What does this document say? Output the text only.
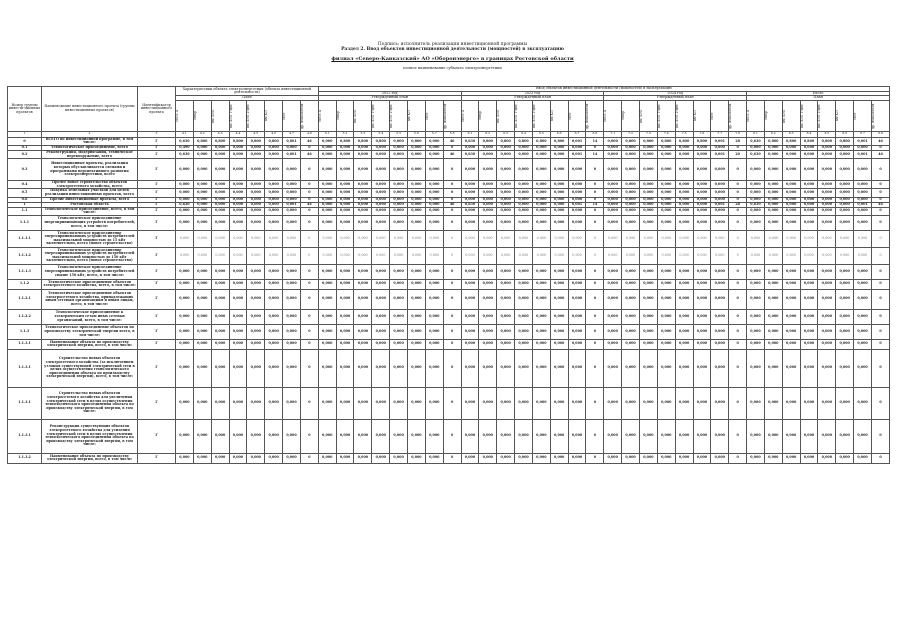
Подпись: исполнитель реализации инвестиционной программы
Раздел 2. Ввод объектов инвестиционной деятельности (мощностей) в эксплуатацию
филиал «Северо-Кавказский» АО «Оборонэнерго» в границах Ростовской области
полное наименование субъекта электроэнергетики
Номер группы инвести-ционных проектов	Наименование инвестиционного проекта (группы инвестиционных проектов)	Идентификатор инвестиционного проекта	Характеристики объекта электроэнергетики (объекта инвестиционной деятельности)								Ввод объектов инвестиционной деятельности (мощностей) в эксплуатацию																															
											2022 год								2023 год								2024 год								Итого							
			План								Утвержденный план								Утвержденный план								Утвержденный план								План							

			МВ×А	Мвар	км ЛЭП	км ЛЭП 1-цеп	км ЛЭП 2-цеп	км КЛ	МВт	др. показатели	МВ×А	Мвар	км ЛЭП	км ЛЭП 1-цеп	км ЛЭП 2-цеп	км КЛ	МВт	др. показатели	МВ×А	Мвар	км ЛЭП	км ЛЭП 1-цеп	км ЛЭП 2-цеп	км КЛ	МВт	др. показатели	МВ×А	Мвар	км ЛЭП	км ЛЭП 1-цеп	км ЛЭП 2-цеп	км КЛ	МВт	др. показатели	МВ×А	Мвар	км ЛЭП	км ЛЭП 1-цеп	км ЛЭП 2-цеп	км КЛ	МВт	др. показатели

1	2	3	4.1	4.2	4.3	4.4	4.5	4.6	4.7	4.8	5.1	5.2	5.3	5.4	5.5	5.6	5.7	5.8	6.1	6.2	6.3	6.4	6.5	6.6	6.7	6.8	7.1	7.2	7.3	7.4	7.5	7.6	7.7	7.8	8.1	8.2	8.3	8.4	8.5	8.6	8.7	8.8
0	ВСЕГО по инвестиционной программе, в том числе:	Г	0,630	0,800	0,800	0,800	0,800	0,800	0,001	46	0,000	0,800	0,800	0,800	0,000	0,800	0,000	46	0,630	0,800	0,800	0,800	0,800	0,800	0,001	14	0,000	0,800	0,800	0,800	0,800	0,800	0,001	28	0,630	0,800	0,800	0,800	0,800	0,800	0,001	46
0.1	Технологическое присоединение, всего	Г	0,490	0,000	0,000	0,000	0,000	0,000	0,000	0	0,000	0,000	0,000	0,000	0,000	0,000	0,000	0	0,000	0,000	0,000	0,000	0,000	0,000	0,000	0	0,000	0,000	0,000	0,000	0,000	0,000	0,000	0	0,000	0,000	0,000	0,000	0,000	0,000	0,000	0
0.2	Реконструкция, модернизация, техническое перевооружение, всего	Г	0,630	0,000	0,000	0,000	0,000	0,000	0,001	46	0,000	0,000	0,000	0,000	0,000	0,000	0,000	46	0,630	0,000	0,000	0,000	0,000	0,000	0,001	14	0,000	0,000	0,000	0,000	0,000	0,000	0,001	20	0,630	0,000	0,000	0,000	0,000	0,000	0,001	46
0.3	Инвестиционные проекты, реализация которых обуславливается схемами и программами перспективного развития электроэнергетики, всего	Г	0,000	0,000	0,000	0,000	0,000	0,000	0,000	0	0,000	0,000	0,000	0,000	0,000	0,000	0,000	0	0,000	0,000	0,000	0,000	0,000	0,000	0,000	0	0,000	0,000	0,000	0,000	0,000	0,000	0,000	0	0,000	0,000	0,000	0,000	0,000	0,000	0,000	0
0.4	Прочее новое строительство объектов электросетевого хозяйства, всего	Г	0,000	0,000	0,000	0,000	0,000	0,000	0,000	0	0,000	0,000	0,000	0,000	0,000	0,000	0,000	0	0,000	0,000	0,000	0,000	0,000	0,000	0,000	0	0,000	0,000	0,000	0,000	0,000	0,000	0,000	0	0,000	0,000	0,000	0,000	0,000	0,000	0,000	0
0.5	Покупка земельных участков для целей реализации инвестиционных проектов, всего	Г	0,000	0,000	0,000	0,000	0,000	0,000	0,000	0	0,000	0,000	0,000	0,000	0,000	0,000	0,000	0	0,000	0,000	0,000	0,000	0,000	0,000	0,000	0	0,000	0,000	0,000	0,000	0,000	0,000	0,000	0	0,000	0,000	0,000	0,000	0,000	0,000	0,000	0
0.6	Прочие инвестиционные проекты, всего	Г	0,000	0,000	0,000	0,000	0,000	0,000	0,000	0	0,000	0,000	0,000	0,000	0,000	0,000	0,000	0	0,000	0,000	0,000	0,000	0,000	0,000	0,000	0	0,000	0,000	0,000	0,000	0,000	0,000	0,000	0	0,000	0,000	0,000	0,000	0,000	0,000	0,000	0
1	Ростовская область	Г	0,630	0,000	0,000	0,000	0,000	0,000	0,001	46	0,000	0,000	0,000	0,000	0,000	0,000	0,000	46	0,630	0,000	0,000	0,000	0,000	0,000	0,001	14	0,000	0,000	0,000	0,000	0,000	0,000	0,001	28	0,630	0,000	0,000	0,000	0,000	0,000	0,001	46
1.1	Технологическое присоединение, всего, в том числе:	Г	0,000	0,000	0,000	0,000	0,000	0,000	0,000	0	0,000	0,000	0,000	0,000	0,000	0,000	0,000	0	0,000	0,000	0,000	0,000	0,000	0,000	0,000	0	0,000	0,000	0,000	0,000	0,000	0,000	0,000	0	0,000	0,000	0,000	0,000	0,000	0,000	0,000	0
1.1.1	Технологическое присоединение энергопринимающих устройств потребителей, всего, в том числе:	Г	0,000	0,000	0,000	0,000	0,000	0,000	0,000	0	0,000	0,000	0,000	0,000	0,000	0,000	0,000	0	0,000	0,000	0,000	0,000	0,000	0,000	0,000	0	0,000	0,000	0,000	0,000	0,000	0,000	0,000	0	0,000	0,000	0,000	0,000	0,000	0,000	0,000	0
1.1.1.1	Технологическое присоединение энергопринимающих устройств потребителей максимальной мощностью до 15 кВт включительно, всего (новое строительство)	Г	0,000	0,000	0,000	0,000	0,000	0,000	0,000	0	0,000	0,000	0,000	0,000	0,000	0,000	0,000	0	0,000	0,000	0,000	0,000	0,000	0,000	0,000	0	0,000	0,000	0,000	0,000	0,000	0,000	0,000	0	0,000	0,000	0,000	0,000	0,000	0,000	0,000	0
1.1.1.2	Технологическое присоединение энергопринимающих устройств потребителей максимальной мощностью до 150 кВт включительно, всего (новое строительство)	Г	0,000	0,000	0,000	0,000	0,000	0,000	0,000	0	0,000	0,000	0,000	0,000	0,000	0,000	0,000	0	0,000	0,000	0,000	0,000	0,000	0,000	0,000	0	0,000	0,000	0,000	0,000	0,000	0,000	0,000	0	0,000	0,000	0,000	0,000	0,000	0,000	0,000	0
1.1.1.3	Технологическое присоединение энергопринимающих устройств потребителей свыше 150 кВт, всего, в том числе:	Г	0,000	0,000	0,000	0,000	0,000	0,000	0,000	0	0,000	0,000	0,000	0,000	0,000	0,000	0,000	0	0,000	0,000	0,000	0,000	0,000	0,000	0,000	0	0,000	0,000	0,000	0,000	0,000	0,000	0,000	0	0,000	0,000	0,000	0,000	0,000	0,000	0,000	0
1.1.2	Технологическое присоединение объектов электросетевого хозяйства, всего, в том числе:	Г	0,000	0,000	0,000	0,000	0,000	0,000	0,000	0	0,000	0,000	0,000	0,000	0,000	0,000	0,000	0	0,000	0,000	0,000	0,000	0,000	0,000	0,000	0	0,000	0,000	0,000	0,000	0,000	0,000	0,000	0	0,000	0,000	0,000	0,000	0,000	0,000	0,000	0
1.1.2.1	Технологическое присоединение объектов электросетевого хозяйства, принадлежащих иным сетевым организациям и иным лицам, всего, в том числе:	Г	0,000	0,000	0,000	0,000	0,000	0,000	0,000	0	0,000	0,000	0,000	0,000	0,000	0,000	0,000	0	0,000	0,000	0,000	0,000	0,000	0,000	0,000	0	0,000	0,000	0,000	0,000	0,000	0,000	0,000	0	0,000	0,000	0,000	0,000	0,000	0,000	0,000	0
1.1.2.2	Технологическое присоединение к электрическим сетям иных сетевых организаций, всего, в том числе:	Г	0,000	0,000	0,000	0,000	0,000	0,000	0,000	0	0,000	0,000	0,000	0,000	0,000	0,000	0,000	0	0,000	0,000	0,000	0,000	0,000	0,000	0,000	0	0,000	0,000	0,000	0,000	0,000	0,000	0,000	0	0,000	0,000	0,000	0,000	0,000	0,000	0,000	0
1.1.3	Технологическое присоединение объектов по производству электрической энергии всего, в том числе:	Г	0,000	0,000	0,000	0,000	0,000	0,000	0,000	0	0,000	0,000	0,000	0,000	0,000	0,000	0,000	0	0,000	0,000	0,000	0,000	0,000	0,000	0,000	0	0,000	0,000	0,000	0,000	0,000	0,000	0,000	0	0,000	0,000	0,000	0,000	0,000	0,000	0,000	0
1.1.3.1	Наименование объекта по производству электрической энергии, всего, в том числе:	Г	0,000	0,000	0,000	0,000	0,000	0,000	0,000	0	0,000	0,000	0,000	0,000	0,000	0,000	0,000	0	0,000	0,000	0,000	0,000	0,000	0,000	0,000	0	0,000	0,000	0,000	0,000	0,000	0,000	0,000	0	0,000	0,000	0,000	0,000	0,000	0,000	0,000	0
1.1.3.1	Строительство новых объектов электросетевого хозяйства (за исключением узловых существующей электрической сети в целях осуществления технологического присоединения объекта по производству электрической энергии), всего, в том числе:	Г	0,000	0,000	0,000	0,000	0,000	0,000	0,000	0	0,000	0,000	0,000	0,000	0,000	0,000	0,000	0	0,000	0,000	0,000	0,000	0,000	0,000	0,000	0	0,000	0,000	0,000	0,000	0,000	0,000	0,000	0	0,000	0,000	0,000	0,000	0,000	0,000	0,000	0
1.1.3.1	Строительство новых объектов электросетевого хозяйства для увеличения электрической сети в целях осуществления технологического присоединения объекта по производству электрической энергии, в том числе:	Г	0,000	0,000	0,000	0,000	0,000	0,000	0,000	0	0,000	0,000	0,000	0,000	0,000	0,000	0,000	0	0,000	0,000	0,000	0,000	0,000	0,000	0,000	0	0,000	0,000	0,000	0,000	0,000	0,000	0,000	0	0,000	0,000	0,000	0,000	0,000	0,000	0,000	0
1.1.3.1	Реконструкция существующих объектов электросетевого хозяйства для усиления электрической сети в целях осуществления технологического присоединения объекта по производству электрической энергии, в том числе:	Г	0,000	0,000	0,000	0,000	0,000	0,000	0,000	0	0,000	0,000	0,000	0,000	0,000	0,000	0,000	0	0,000	0,000	0,000	0,000	0,000	0,000	0,000	0	0,000	0,000	0,000	0,000	0,000	0,000	0,000	0	0,000	0,000	0,000	0,000	0,000	0,000	0,000	0
1.1.3.2	Наименование объекта по производству электрической энергии, всего, в том числе:	Г	0,000	0,000	0,000	0,000	0,000	0,000	0,000	0	0,000	0,000	0,000	0,000	0,000	0,000	0,000	0	0,000	0,000	0,000	0,000	0,000	0,000	0,000	0	0,000	0,000	0,000	0,000	0,000	0,000	0,000	0	0,000	0,000	0,000	0,000	0,000	0,000	0,000	0
